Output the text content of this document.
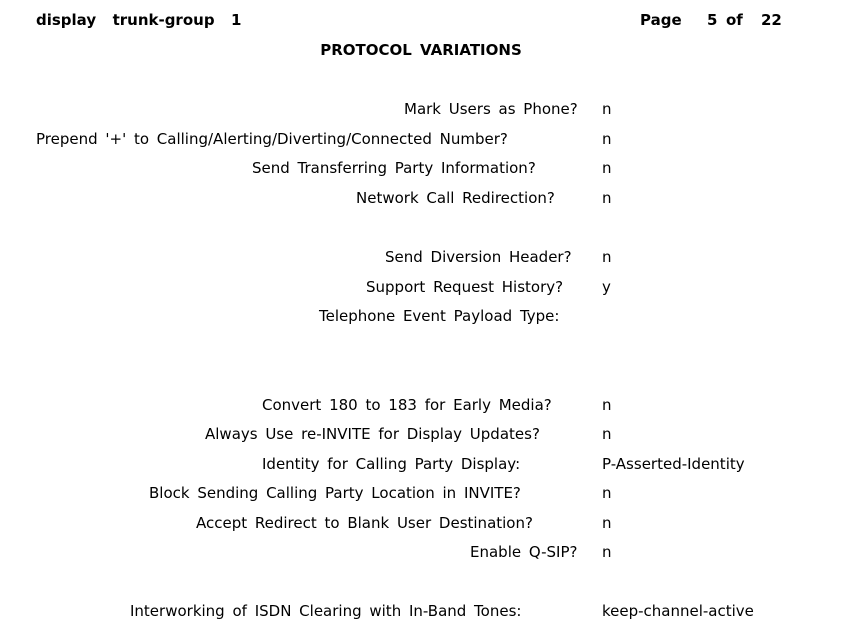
display  trunk-group  1	Page 5 of 22
PROTOCOL VARIATIONS
Mark Users as Phone? n
Prepend '+' to Calling/Alerting/Diverting/Connected Number?	n
Send Transferring Party Information?	n
Network Call Redirection?	n
Send Diversion Header? n
Support Request History?	y
Telephone Event Payload Type:
Convert 180 to 183 for Early Media?	n
Always Use re-INVITE for Display Updates?	n
Identity for Calling Party Display:	P-Asserted-Identity
Block Sending Calling Party Location in INVITE?	n
Accept Redirect to Blank User Destination?	n
Enable Q-SIP? n
Interworking of ISDN Clearing with In-Band Tones:	keep-channel-active
